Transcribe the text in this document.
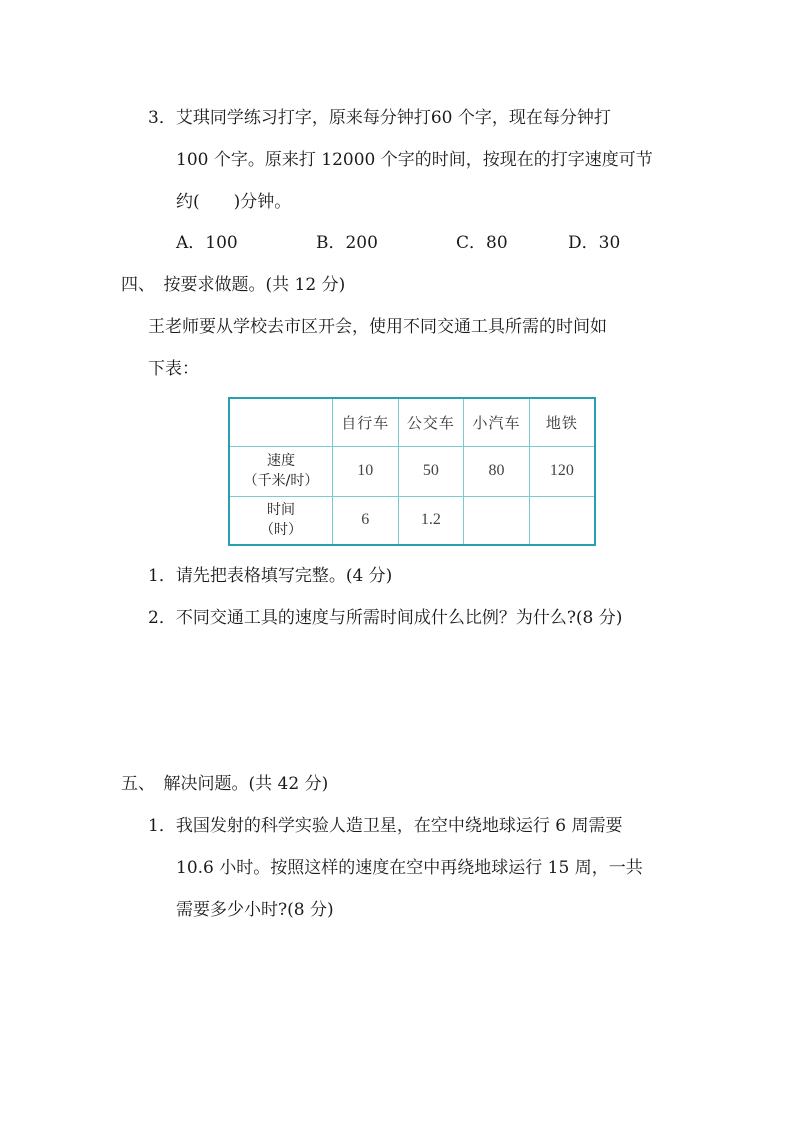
3．艾琪同学练习打字，原来每分钟打60 个字，现在每分钟打
100 个字。原来打 12000 个字的时间，按现在的打字速度可节
约(　　)分钟。
A．100	B．200	C．80	D．30
四、　按要求做题。(共 12 分)
王老师要从学校去市区开会，使用不同交通工具所需的时间如
下表：
	自行车	公交车	小汽车	地铁

速度
（千米/时）	10	50	80	120

时间
（时）	6	1.2		
1．请先把表格填写完整。(4 分)
2．不同交通工具的速度与所需时间成什么比例？为什么?(8 分)
五、　解决问题。(共 42 分)
1．我国发射的科学实验人造卫星，在空中绕地球运行 6 周需要
10.6 小时。按照这样的速度在空中再绕地球运行 15 周，一共
需要多少小时?(8 分)
